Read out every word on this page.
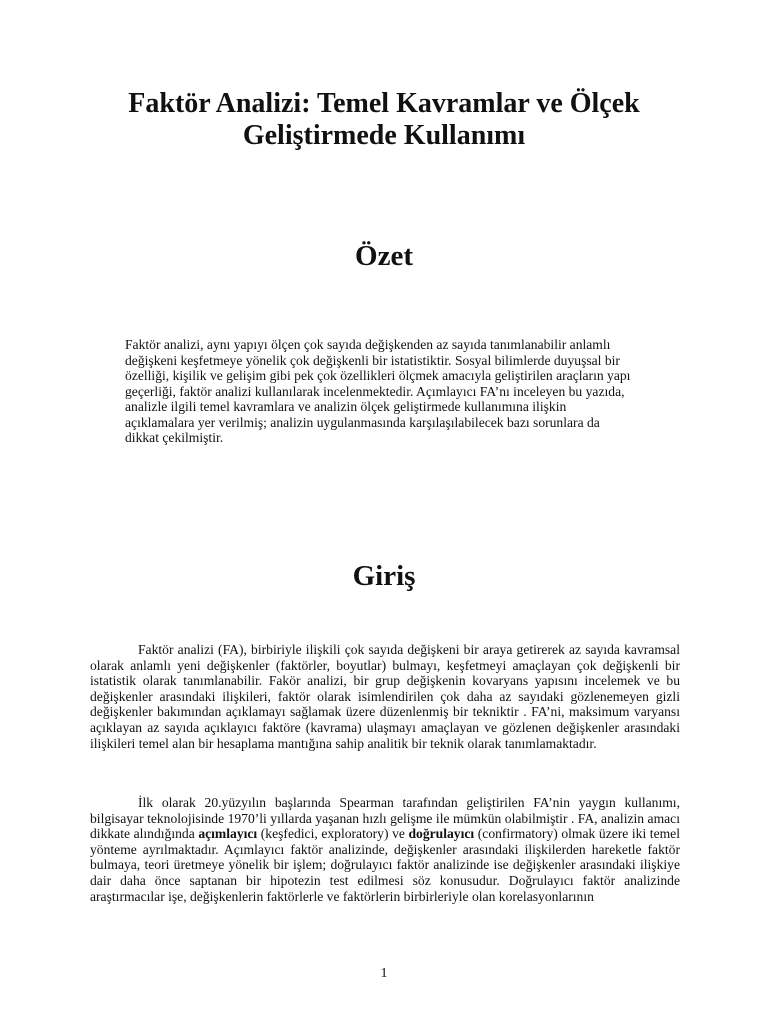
Faktör Analizi: Temel Kavramlar ve Ölçek
Geliştirmede Kullanımı
Özet
Faktör analizi, aynı yapıyı ölçen çok sayıda değişkenden az sayıda tanımlanabilir anlamlı değişkeni keşfetmeye yönelik çok değişkenli bir istatistiktir. Sosyal bilimlerde duyuşsal bir özelliği, kişilik ve gelişim gibi pek çok özellikleri ölçmek amacıyla geliştirilen araçların yapı geçerliği, faktör analizi kullanılarak incelenmektedir. Açımlayıcı FA’nı inceleyen bu yazıda, analizle ilgili temel kavramlara ve analizin ölçek geliştirmede kullanımına ilişkin açıklamalara yer verilmiş; analizin uygulanmasında karşılaşılabilecek bazı sorunlara da dikkat çekilmiştir.
Giriş

Faktör analizi (FA), birbiriyle ilişkili çok sayıda değişkeni bir araya getirerek az sayıda kavramsal olarak anlamlı yeni değişkenler (faktörler, boyutlar) bulmayı, keşfetmeyi amaçlayan çok değişkenli bir istatistik olarak tanımlanabilir. Fakör analizi, bir grup değişkenin kovaryans yapısını incelemek ve bu değişkenler arasındaki ilişkileri, faktör olarak isimlendirilen çok daha az sayıdaki gözlenemeyen gizli değişkenler bakımından açıklamayı sağlamak üzere düzenlenmiş bir tekniktir . FA’ni, maksimum varyansı açıklayan az sayıda açıklayıcı faktöre (kavrama) ulaşmayı amaçlayan ve gözlenen değişkenler arasındaki ilişkileri temel alan bir hesaplama mantığına sahip analitik bir teknik olarak tanımlamaktadır.

İlk olarak 20.yüzyılın başlarında Spearman tarafından geliştirilen FA’nin yaygın kullanımı, bilgisayar teknolojisinde 1970’li yıllarda yaşanan hızlı gelişme ile mümkün olabilmiştir . FA, analizin amacı dikkate alındığında açımlayıcı (keşfedici, exploratory) ve doğrulayıcı (confirmatory) olmak üzere iki temel yönteme ayrılmaktadır. Açımlayıcı faktör analizinde, değişkenler arasındaki ilişkilerden hareketle faktör bulmaya, teori üretmeye yönelik bir işlem; doğrulayıcı faktör analizinde ise değişkenler arasındaki ilişkiye dair daha önce saptanan bir hipotezin test edilmesi söz konusudur. Doğrulayıcı faktör analizinde araştırmacılar işe, değişkenlerin faktörlerle ve faktörlerin birbirleriyle olan korelasyonlarının

1
